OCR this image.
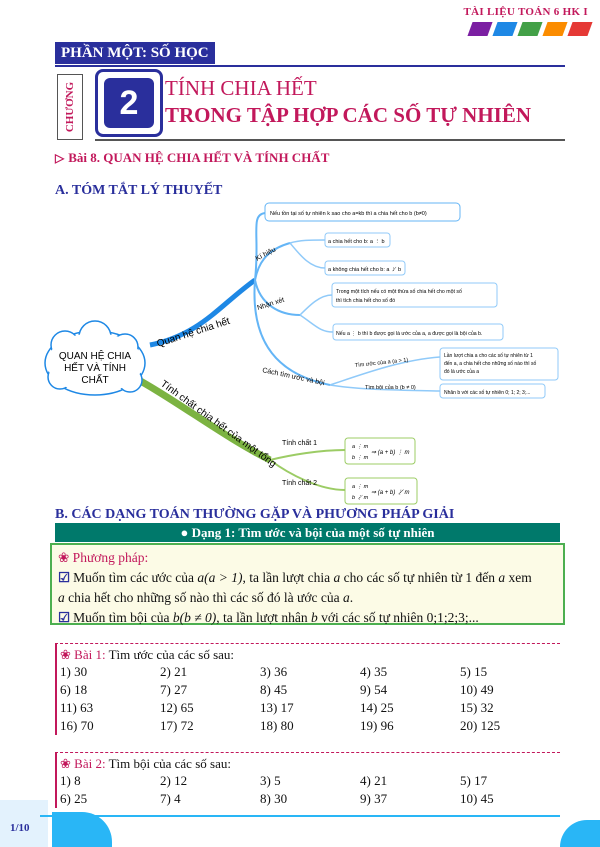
TÀI LIỆU TOÁN 6 HK I
PHẦN MỘT: SỐ HỌC
CHƯƠNG	2	TÍNH CHIA HẾT
TRONG TẬP HỢP CÁC SỐ TỰ NHIÊN
▷ Bài 8. QUAN HỆ CHIA HẾT VÀ TÍNH CHẤT
A. TÓM TẮT LÝ THUYẾT
QUAN HỆ CHIA
HẾT VÀ TÍNH
CHẤT
Quan hệ chia hết
Tính chất chia hết của một tổng
Kí hiệu
Nhận xét
Cách tìm ước và bội
Tính chất 1
Tính chất 2
Nếu tồn tại số tự nhiên k sao cho a=kb thì a chia hết cho b (b≠0)
a chia hết cho b: a ⋮ b
a không chia hết cho b: a ⋮̸ b
Trong một tích nếu có một thừa số chia hết cho một số
thì tích chia hết cho số đó
Nếu a ⋮ b thì b được gọi là ước của a, a được gọi là bội của b.
Tìm ước của a (a > 1)
Tìm bội của b (b ≠ 0)
Lần lượt chia a cho các số tự nhiên từ 1
đến a, a chia hết cho những số nào thì số
đó là ước của a
Nhân b với các số tự nhiên 0; 1; 2; 3;...
a ⋮ m
b ⋮ m
⇒ (a + b) ⋮ m
a ⋮ m
b ⋮̸ m
⇒ (a + b) ⋮̸ m
B. CÁC DẠNG TOÁN THƯỜNG GẶP VÀ PHƯƠNG PHÁP GIẢI
● Dạng 1: Tìm ước và bội của một số tự nhiên
❀ Phương pháp:
☑ Muốn tìm các ước của a(a > 1), ta lần lượt chia a cho các số tự nhiên từ 1 đến a xem
a chia hết cho những số nào thì các số đó là ước của a.
☑ Muốn tìm bội của b(b ≠ 0), ta lần lượt nhân b với các số tự nhiên 0;1;2;3;...
❀ Bài 1: Tìm ước của các số sau:
1) 30	2) 21	3) 36	4) 35	5) 15
6) 18	7) 27	8) 45	9) 54	10) 49
11) 63	12) 65	13) 17	14) 25	15) 32
16) 70	17) 72	18) 80	19) 96	20) 125
❀ Bài 2: Tìm bội của các số sau:
1) 8	2) 12	3) 5	4) 21	5) 17
6) 25	7) 4	8) 30	9) 37	10) 45
1/10
